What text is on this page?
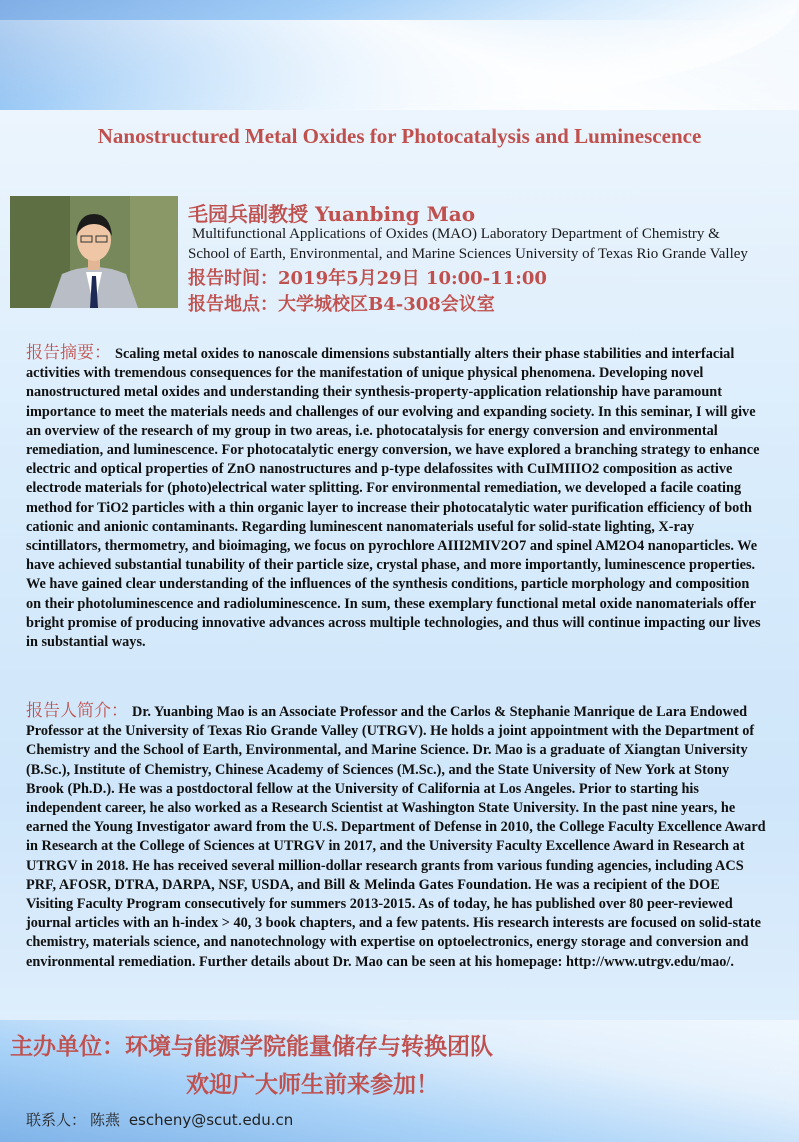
Nanostructured Metal Oxides for Photocatalysis and Luminescence
毛园兵副教授 Yuanbing Mao
Multifunctional Applications of Oxides (MAO) Laboratory Department of Chemistry &
School of Earth, Environmental, and Marine Sciences University of Texas Rio Grande Valley
报告时间：2019年5月29日 10:00-11:00
报告地点：大学城校区B4-308会议室
报告摘要： Scaling metal oxides to nanoscale dimensions substantially alters their phase stabilities and interfacial activities with tremendous consequences for the manifestation of unique physical phenomena. Developing novel nanostructured metal oxides and understanding their synthesis-property-application relationship have paramount importance to meet the materials needs and challenges of our evolving and expanding society. In this seminar, I will give an overview of the research of my group in two areas, i.e. photocatalysis for energy conversion and environmental remediation, and luminescence. For photocatalytic energy conversion, we have explored a branching strategy to enhance electric and optical properties of ZnO nanostructures and p-type delafossites with CuIMIIIO2 composition as active electrode materials for (photo)electrical water splitting. For environmental remediation, we developed a facile coating method for TiO2 particles with a thin organic layer to increase their photocatalytic water purification efficiency of both cationic and anionic contaminants. Regarding luminescent nanomaterials useful for solid-state lighting, X-ray scintillators, thermometry, and bioimaging, we focus on pyrochlore AIII2MIV2O7 and spinel AM2O4 nanoparticles. We have achieved substantial tunability of their particle size, crystal phase, and more importantly, luminescence properties. We have gained clear understanding of the influences of the synthesis conditions, particle morphology and composition on their photoluminescence and radioluminescence. In sum, these exemplary functional metal oxide nanomaterials offer bright promise of producing innovative advances across multiple technologies, and thus will continue impacting our lives in substantial ways.
报告人简介： Dr. Yuanbing Mao is an Associate Professor and the Carlos & Stephanie Manrique de Lara Endowed Professor at the University of Texas Rio Grande Valley (UTRGV). He holds a joint appointment with the Department of Chemistry and the School of Earth, Environmental, and Marine Science. Dr. Mao is a graduate of Xiangtan University (B.Sc.), Institute of Chemistry, Chinese Academy of Sciences (M.Sc.), and the State University of New York at Stony Brook (Ph.D.). He was a postdoctoral fellow at the University of California at Los Angeles. Prior to starting his independent career, he also worked as a Research Scientist at Washington State University. In the past nine years, he earned the Young Investigator award from the U.S. Department of Defense in 2010, the College Faculty Excellence Award in Research at the College of Sciences at UTRGV in 2017, and the University Faculty Excellence Award in Research at UTRGV in 2018. He has received several million-dollar research grants from various funding agencies, including ACS PRF, AFOSR, DTRA, DARPA, NSF, USDA, and Bill & Melinda Gates Foundation. He was a recipient of the DOE Visiting Faculty Program consecutively for summers 2013-2015. As of today, he has published over 80 peer-reviewed journal articles with an h-index > 40, 3 book chapters, and a few patents. His research interests are focused on solid-state chemistry, materials science, and nanotechnology with expertise on optoelectronics, energy storage and conversion and environmental remediation. Further details about Dr. Mao can be seen at his homepage: http://www.utrgv.edu/mao/.
主办单位：环境与能源学院能量储存与转换团队
欢迎广大师生前来参加！
联系人： 陈燕 escheny@scut.edu.cn
